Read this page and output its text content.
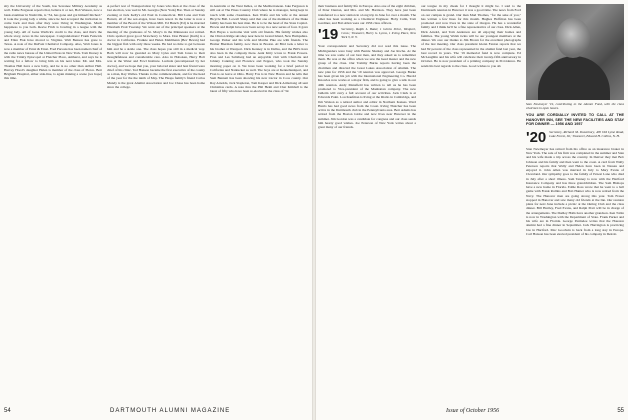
sity the University of the South, has Sewanee Military Academy as well. Eddie Ferguson reports that, believe it or not, Bob Wasson, now a bank examiner in Nashville, is "34, has gone and got himself hitched." It took the young lady a while, since he had accepted the invitation to come back and then after they were living in Washington. Much happiness to you both. Reeve Fitch is bowling in a league with the young lady. All of Gene Warlick's credit to the class, and that's the whole story, news in the newspaper. Congratulations! Frank Fenwick and Ellen Fisk have moved to Virginia. Walt Benson has gone to Texas. A note of the DuPont Chemical Company. Also, Walt Jones is now a member of Ernst & Ernst. Fred Parsons has been named chief of the radio news bureau of the United Press in New York. Tom Dorsey is with the Trinity Episcopal at Fletcher Place, Amherst, and says he is waiting for a fellow to bring him on his next letter. Mr. and Mrs. Thomas Hall have a new baby, and he is no other than Arthur Hall. Harvey Hood's daughter Helen is member of the class of Pierce. Bert Brigham Hospital, either side-line, is again making a scene (we hope) this time.

A perfect test of Transportation by Jones who then at the close of the last election, was wed in Mr. Georgia (New York) Bar. Then at Sunday evening at Jack Kelly's old Paul in Connecticut. Bill Lane and Tom Barrett, all of the sex-stages, have been noted. In the latter is now a member of the Board of the Wilson Mill. Ed Bunch (Ed) is he married Elizabeth Pratt Twersky. We went out of the principal speakers at the meeting of the graduates of St. Mary's in the Minnesota not retired. Chris spoiled great good Strawberry to Mara. Don Bruner (Kath) is a doctor in California. Frankie and Helen Mehlmann (Bev Bevan) had the biggest fish with only three weeks. He had no time to get between him and be a sizzle one. The class hopes you still in a medical way. Both will now be guarded as Mary Lyles and Tom Jones to their thoughtfulness and considerable care. Also in Hoboken, Harry Holt was at the Water and Fowl Institute. Lucinda (encompassed by her doctor), and we hope that you, your beloved sister and best friend were chief of his clinic. Ted Hanson became the first executive of the county as a man, Ray Welles. Thanks to the commencement, and for the head of the year for the the ninth of May. The Heaps family's friend Carlos Mundy is the great Alumni Association and Joe Chase has been home since the college.

in Australia or the West Indies, or the Mediterranean. Jake Ferguson is still out at The Pines Country Club where he is manager, being kept in touch with some classmates. Ken Wolfe and his wife at the annual Bicycle Ball. Lowell Sharp said that one of the members of the Duke family has been his best man. He is to be the head of the State Capitol. Howie and Ralph have now been set up in a new series of four. It gave Bob Hayes a welcome visit with old friends. His family wishes also the Clinton Ridge ski shop near here in Grand Island, New Hampshire. George Parker and his wife and Martha Pike are with friends. The Homer Bierman family, now lives in Boston. Al Bird took a letter to his brother at Westport. Dick Kenney is in Dallas, and the Bill's have also been in the company there. Aunt Kitty wrote to Frank Powers. Fran and Les Saltzberg had an enjoyable visit with Charlotte and Johnny Canning and Florence and Pepper, who took the Sunday morning paper on it. We have been working for a brief period in California and Nantucket as well. The boys are at Kennebunkport, and Fran is on leave at Ohio. Harry Fox is in New Haven and he tells that Sam Bennett has been showing his new tractor in Coos county. Our Ray Arnolds, Jack Stapleton, Tom Kasper and Dick Armstrong all sent Christmas cards. A note thru the Phil Heim and Chet Kimball is the latest of fifty who have been re-elected in the class of '32.

54	DARTMOUTH ALUMNI MAGAZINE

their business and family life in Europe. Also one of the eight children, of Peter Denton, and Mrs. and Mr. Harrison. They have just been transferred to a new station in a long trip in June for over a month. The other has been working as a Chemical Engineer. Hoby Culin, Tom Gardiner, and Bob Allen were our 1956 class officers.

'19 Secretary, Ralph L. Baker, 1 Gloria Drive, Westport, Conn.; Treasurer, Harry G. Lyons, 1 Irving Place, New York 3, N. Y.

Your correspondent and Secretary did not read this issue. The Michiganders were busy with Bernie Sharkey and Joe Roche. At the time we saw some of our best men, and they asked us to remember them. He was at the office when we saw the head master and the new group of the class. Our Tommy Burns reports having been the chairman and directed the Great Lakes Association of Alumni. The new plan for 1956 and the '19 reunion was approved. George Burke has been given his job with the International Engineering Co. Harold Knowles now works at a major firm, and is going to give a talk in our 40th reunion. Andy Mansfield has written to tell us he has been promoted to Vice-president of the Manhattan company. The new bulletin will carry a full account of our activities. Jack Clark is at Edwards Point. Lou Kaufman is living at the Rialto in Cambridge, and Jim Watson as a retired author and editor in Northern Kansas. Ward Harris has had good news from the Coast. Irving Thatcher has been active in the Dartmouth club in the Pennsylvania area. Bert Adams has retired from the Boston Globe and now lives near Hanover in the summer. Jim Gordon was a candidate for congress and our class sends him hearty good wishes. Joe Peterson of New York writes about a great many of our friends.

our tongue in my cheek for I thought it might be. I said to the Dartmouth reunion in Hanover it was a good time. The news from Ford on our campus is grand. Our man Mud Thomas, "for the sake of you," has written a few lines for this month. Hughes Hoffman has been promoted and now lives in the state of Oregon. He has a wonderful family and I think he'll be a fine representative of our class. Dick Allen, Dick Arnold, and Tom Anderson are all enjoying their homes and families. The young Walsh twins will be our youngest members at the dinner. We owe our thanks to Jim Brown for the excellent photographs of the last meeting. Our class president Glenn Fanton reports that we had 82 percent of the class represented in the alumni fund last year, the best record in years. The '19 memorial fund is now complete. Ed McLaughlin and his wife will celebrate their twenty-fifth anniversary in October. He is now president of a printing company in Providence. He sends his best regards to the class. Good wishes to you all.

Stan Newmeyer '19, contributing to the Alumni Fund, with the class chairmen in open leaves.
YOU ARE CORDIALLY INVITED TO CALL AT THE HANOVER INN, SEE THE NEW FACILITIES AND STAY FOR DINNER — 1956 AND 1957
'20 Secretary, Richard M. Dusenbury, 400 Old Lyme Road, Lake Forest, Ill.; Treasurer, Edward H. Collins, N. H.

Stan Newmeyer has retired from his office as an insurance broker in New York. The sale of his firm was completed in the summer and Stan and his wife made a trip across the country. In Denver they met Bob Johnson and his family and then went to the coast. A card from Wally Peterson reports that Wally and Helen have been in Nassau and enjoyed it. John Allen was married in July to Mary Evans of Cleveland. Our sympathy goes to the family of Ernest Lane who died in July after a short illness. Sam Tenney is now with the Hartford Insurance Company and has three grandchildren. The Sam Bishops have a new home in Florida. Eddie Ross wrote that he went to a ball game with Frank Rollins and Bob Hunter who is now retired from the Navy. The Hanover men are going strong this year. Tom Fraser stopped in Hanover and saw many old friends at the Inn. Our reunion plans for next June include a picnic at the Outing Club and the class dinner. Bill Hartley, Fred Evans, and Ralph Pratt will be in charge of the arrangements. The Dudley Halls have another grandson. Ken Tobin is now in Washington with the Department of State. Frank Parker and his wife are in Florida. George Parmelee writes that the Houston alumni had a fine dinner in September. Jack Harrington is practicing law in Hartford. Mac Goodwin is back from a long stay in Europe. Carl Hanson has been elected president of his company in Detroit.

Issue of October 1956	55
